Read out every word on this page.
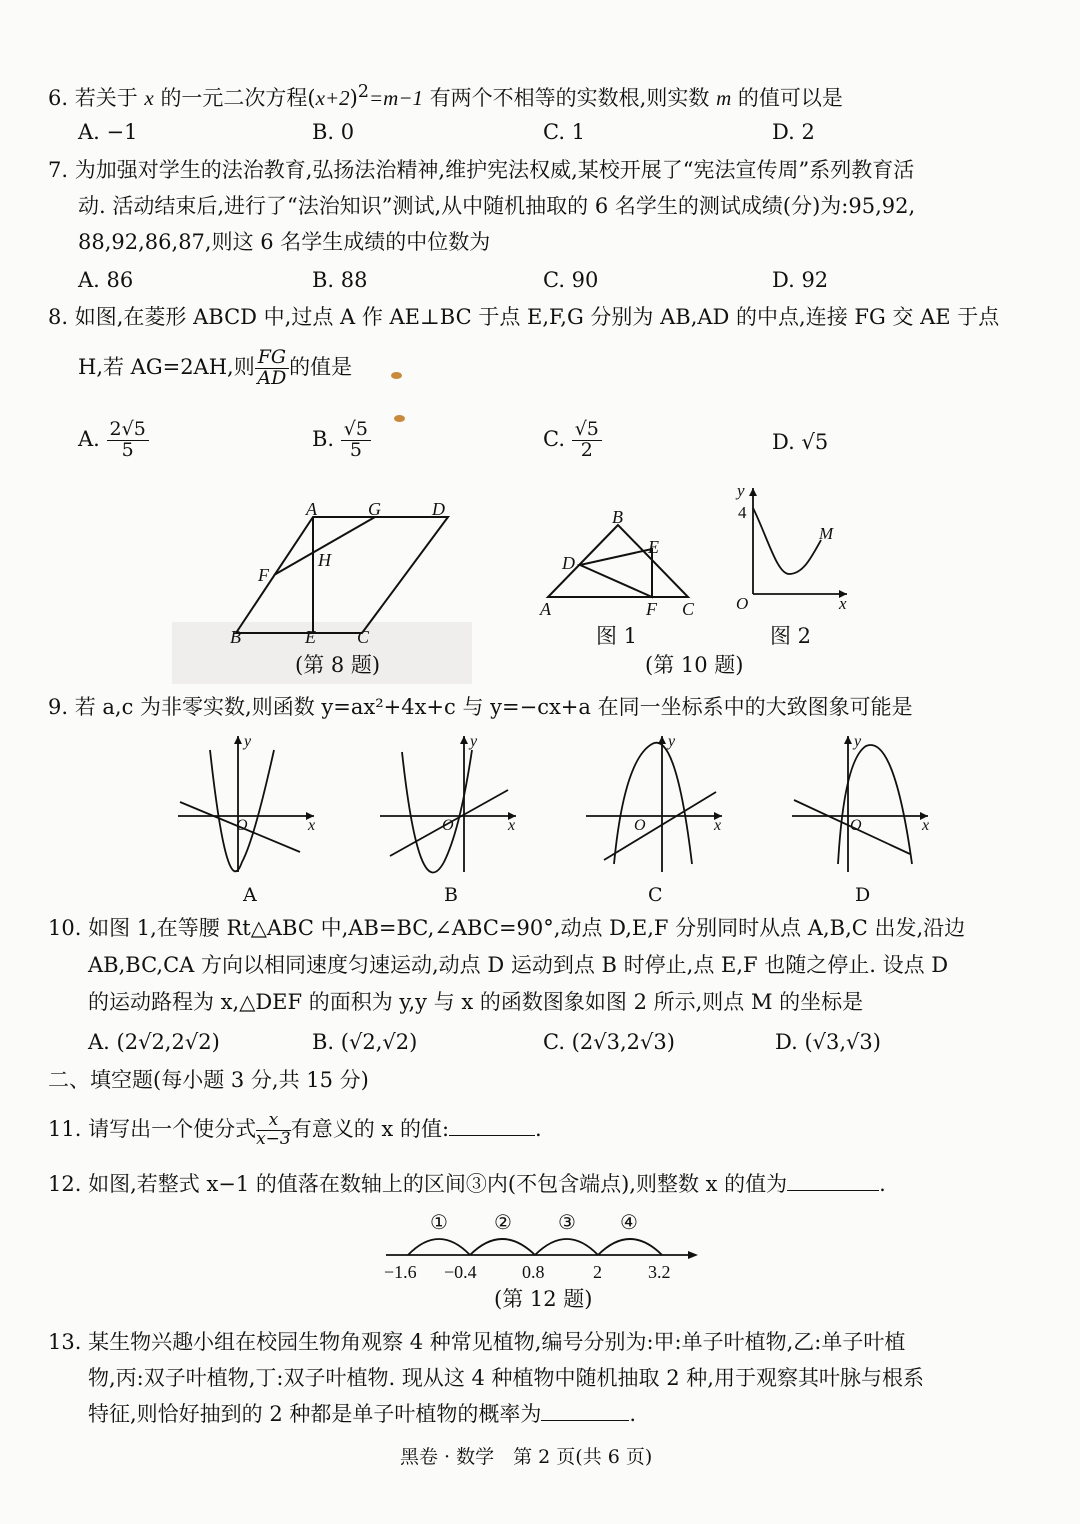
6. 若关于 x 的一元二次方程$(x+2)^2=m-1$ 有两个不相等的实数根,则实数 m 的值可以是
A. −1	B. 0	C. 1	D. 2
7. 为加强对学生的法治教育,弘扬法治精神,维护宪法权威,某校开展了“宪法宣传周”系列教育活
动. 活动结束后,进行了“法治知识”测试,从中随机抽取的 6 名学生的测试成绩(分)为:95,92,
88,92,86,87,则这 6 名学生成绩的中位数为
A. 86	B. 88	C. 90	D. 92
8. 如图,在菱形 ABCD 中,过点 A 作 AE⊥BC 于点 E,F,G 分别为 AB,AD 的中点,连接 FG 交 AE 于点
H,若 AG=2AH,则 $\frac{FG}{AD}$ 的值是
A. $\frac{2√5}{5}$	B. $\frac{√5}{5}$	C. $\frac{√5}{2}$	D. √5
A	G	D
F
H
B	E C
(第 8 题)
B
D
E
A	F C
图 1
y
4
M
O	x
图 2
(第 10 题)
9. 若 a,c 为非零实数,则函数 y=ax²+4x+c 与 y=−cx+a 在同一坐标系中的大致图象可能是
y
O	x
A
y
O	x
B
y
O	x
C
y
O	x
D
10. 如图 1,在等腰 Rt△ABC 中,AB=BC,∠ABC=90°,动点 D,E,F 分别同时从点 A,B,C 出发,沿边
AB,BC,CA 方向以相同速度匀速运动,动点 D 运动到点 B 时停止,点 E,F 也随之停止. 设点 D
的运动路程为 x,△DEF 的面积为 y,y 与 x 的函数图象如图 2 所示,则点 M 的坐标是
A. (2√2,2√2)	B. (√2,√2)	C. (2√3,2√3)	D. (√3,√3)
二、填空题(每小题 3 分,共 15 分)
11. 请写出一个使分式 $\frac{x}{x-3}$ 有意义的 x 的值:	.
12. 如图,若整式 x−1 的值落在数轴上的区间③内(不包含端点),则整数 x 的值为	.
① ② ③ ④
−1.6 −0.4	0.8	2	3.2
(第 12 题)
13. 某生物兴趣小组在校园生物角观察 4 种常见植物,编号分别为:甲:单子叶植物,乙:单子叶植
物,丙:双子叶植物,丁:双子叶植物. 现从这 4 种植物中随机抽取 2 种,用于观察其叶脉与根系
特征,则恰好抽到的 2 种都是单子叶植物的概率为	.
黑卷 · 数学　第 2 页(共 6 页)
